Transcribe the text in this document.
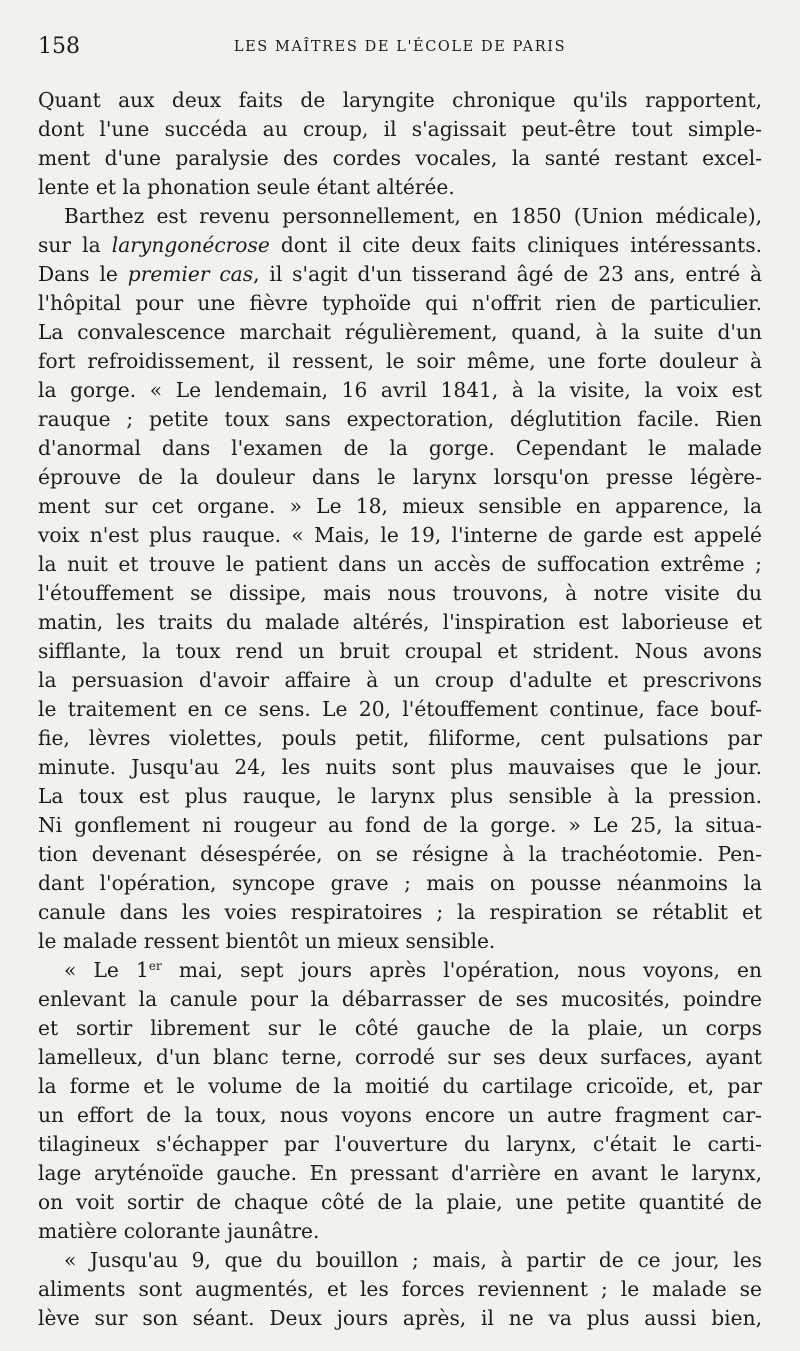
158	LES MAÎTRES DE L'ÉCOLE DE PARIS
Quant aux deux faits de laryngite chronique qu'ils rapportent,
dont l'une succéda au croup, il s'agissait peut-être tout simple-
ment d'une paralysie des cordes vocales, la santé restant excel-
lente et la phonation seule étant altérée.
Barthez est revenu personnellement, en 1850 (Union médicale),
sur la laryngonécrose dont il cite deux faits cliniques intéressants.
Dans le premier cas, il s'agit d'un tisserand âgé de 23 ans, entré à
l'hôpital pour une fièvre typhoïde qui n'offrit rien de particulier.
La convalescence marchait régulièrement, quand, à la suite d'un
fort refroidissement, il ressent, le soir même, une forte douleur à
la gorge. « Le lendemain, 16 avril 1841, à la visite, la voix est
rauque ; petite toux sans expectoration, déglutition facile. Rien
d'anormal dans l'examen de la gorge. Cependant le malade
éprouve de la douleur dans le larynx lorsqu'on presse légère-
ment sur cet organe. » Le 18, mieux sensible en apparence, la
voix n'est plus rauque. « Mais, le 19, l'interne de garde est appelé
la nuit et trouve le patient dans un accès de suffocation extrême ;
l'étouffement se dissipe, mais nous trouvons, à notre visite du
matin, les traits du malade altérés, l'inspiration est laborieuse et
sifflante, la toux rend un bruit croupal et strident. Nous avons
la persuasion d'avoir affaire à un croup d'adulte et prescrivons
le traitement en ce sens. Le 20, l'étouffement continue, face bouf-
fie, lèvres violettes, pouls petit, filiforme, cent pulsations par
minute. Jusqu'au 24, les nuits sont plus mauvaises que le jour.
La toux est plus rauque, le larynx plus sensible à la pression.
Ni gonflement ni rougeur au fond de la gorge. » Le 25, la situa-
tion devenant désespérée, on se résigne à la trachéotomie. Pen-
dant l'opération, syncope grave ; mais on pousse néanmoins la
canule dans les voies respiratoires ; la respiration se rétablit et
le malade ressent bientôt un mieux sensible.
« Le 1er mai, sept jours après l'opération, nous voyons, en
enlevant la canule pour la débarrasser de ses mucosités, poindre
et sortir librement sur le côté gauche de la plaie, un corps
lamelleux, d'un blanc terne, corrodé sur ses deux surfaces, ayant
la forme et le volume de la moitié du cartilage cricoïde, et, par
un effort de la toux, nous voyons encore un autre fragment car-
tilagineux s'échapper par l'ouverture du larynx, c'était le carti-
lage aryténoïde gauche. En pressant d'arrière en avant le larynx,
on voit sortir de chaque côté de la plaie, une petite quantité de
matière colorante jaunâtre.
« Jusqu'au 9, que du bouillon ; mais, à partir de ce jour, les
aliments sont augmentés, et les forces reviennent ; le malade se
lève sur son séant. Deux jours après, il ne va plus aussi bien,
